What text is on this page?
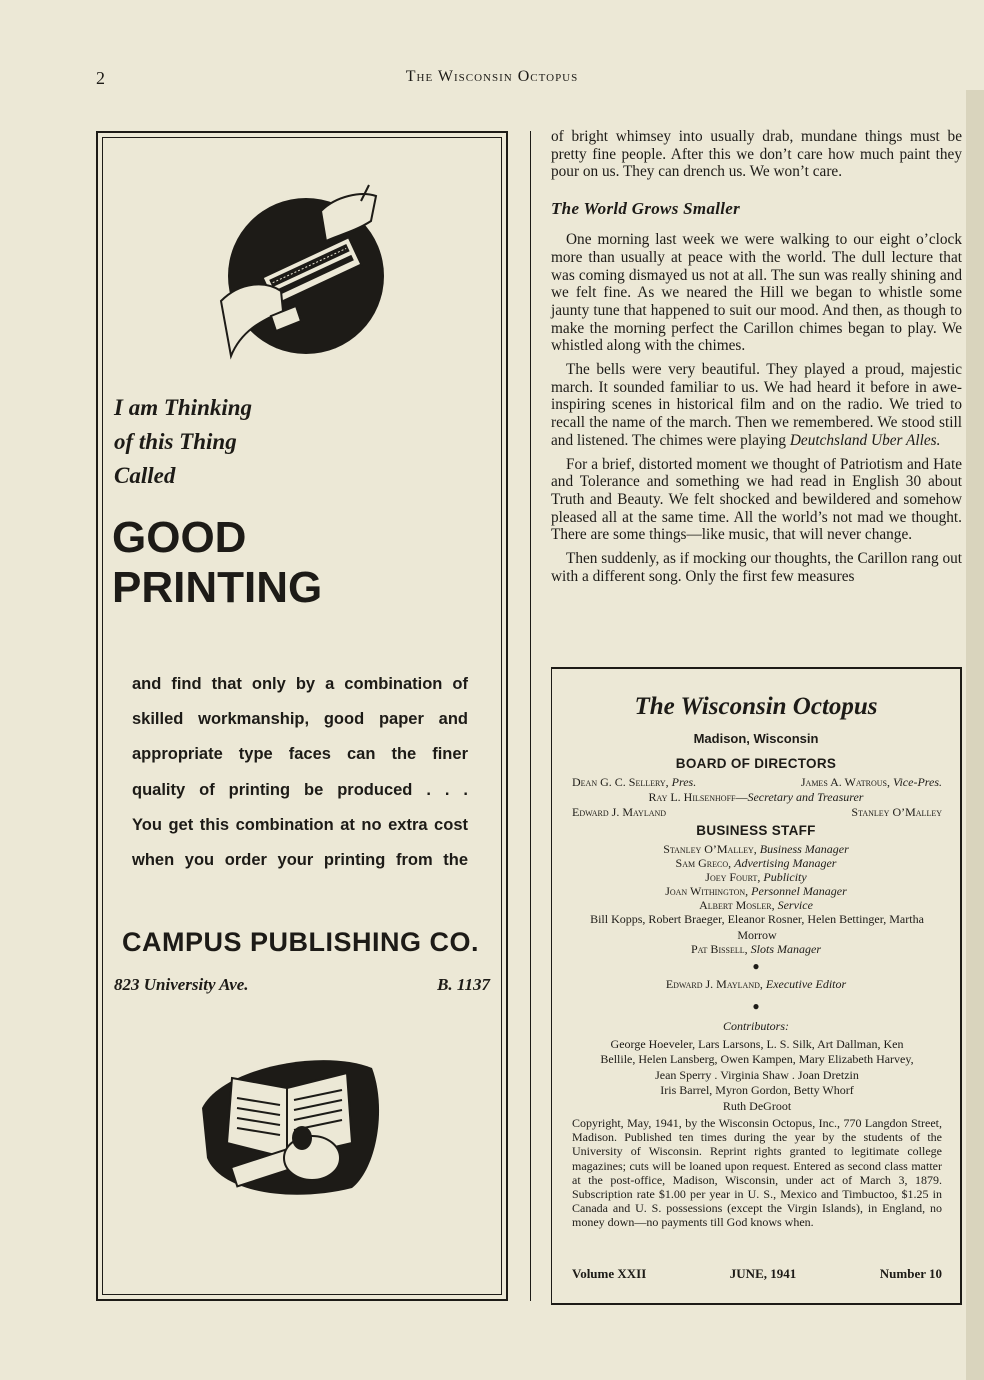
2	The Wisconsin Octopus
I am Thinking
of this Thing
Called
GOOD
PRINTING
and find that only by a combination of
skilled workmanship, good paper and
appropriate type faces can the finer
quality of printing be produced . . .
You get this combination at no extra cost
when you order your printing from the
CAMPUS PUBLISHING CO.
823 University Ave.	B. 1137

of bright whimsey into usually drab, mundane things must be pretty fine people. After this we don’t care how much paint they pour on us. They can drench us. We won’t care.

The World Grows Smaller

One morning last week we were walking to our eight o’clock more than usually at peace with the world. The dull lecture that was coming dismayed us not at all. The sun was really shining and we felt fine. As we neared the Hill we began to whistle some jaunty tune that happened to suit our mood. And then, as though to make the morning perfect the Carillon chimes began to play. We whistled along with the chimes.

The bells were very beautiful. They played a proud, majestic march. It sounded familiar to us. We had heard it before in awe-inspiring scenes in historical film and on the radio. We tried to recall the name of the march. Then we remembered. We stood still and listened. The chimes were playing Deutchsland Uber Alles.

For a brief, distorted moment we thought of Patriotism and Hate and Tolerance and something we had read in English 30 about Truth and Beauty. We felt shocked and bewildered and somehow pleased all at the same time. All the world’s not mad we thought. There are some things—like music, that will never change.

Then suddenly, as if mocking our thoughts, the Carillon rang out with a different song. Only the first few measures

The Wisconsin Octopus
Madison, Wisconsin
BOARD OF DIRECTORS
Dean G. C. Sellery, Pres.	James A. Watrous, Vice-Pres.
Ray L. Hilsenhoff—Secretary and Treasurer
Edward J. Mayland	Stanley O’Malley
BUSINESS STAFF
Stanley O’Malley, Business Manager
Sam Greco, Advertising Manager
Joey Fourt, Publicity
Joan Withington, Personnel Manager
Albert Mosler, Service
Bill Kopps, Robert Braeger, Eleanor Rosner, Helen Bettinger, Martha Morrow
Pat Bissell, Slots Manager
●
Edward J. Mayland, Executive Editor
●
Contributors:
George Hoeveler, Lars Larsons, L. S. Silk, Art Dallman, Ken
Bellile, Helen Lansberg, Owen Kampen, Mary Elizabeth Harvey,
Jean Sperry . Virginia Shaw . Joan Dretzin
Iris Barrel, Myron Gordon, Betty Whorf
Ruth DeGroot
Copyright, May, 1941, by the Wisconsin Octopus, Inc., 770 Langdon Street, Madison. Published ten times during the year by the students of the University of Wisconsin. Reprint rights granted to legitimate college magazines; cuts will be loaned upon request. Entered as second class matter at the post-office, Madison, Wisconsin, under act of March 3, 1879. Subscription rate $1.00 per year in U. S., Mexico and Timbuctoo, $1.25 in Canada and U. S. possessions (except the Virgin Islands), in England, no money down—no payments till God knows when.
Volume XXII	JUNE, 1941	Number 10
